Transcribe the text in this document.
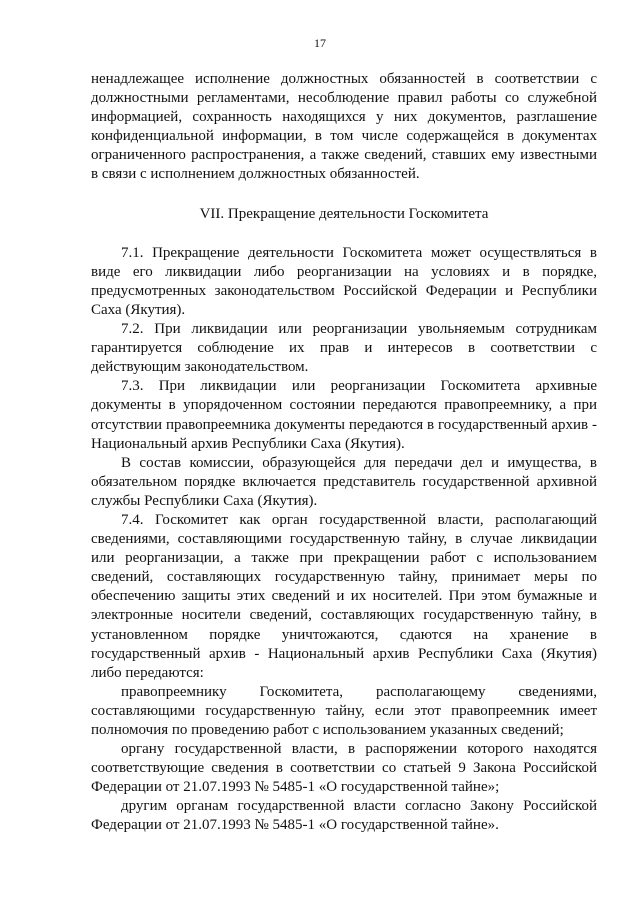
17

ненадлежащее исполнение должностных обязанностей в соответствии с должностными регламентами, несоблюдение правил работы со служебной информацией, сохранность находящихся у них документов, разглашение конфиденциальной информации, в том числе содержащейся в документах ограниченного распространения, а также сведений, ставших ему известными в связи с исполнением должностных обязанностей.

VII. Прекращение деятельности Госкомитета

7.1. Прекращение деятельности Госкомитета может осуществляться в виде его ликвидации либо реорганизации на условиях и в порядке, предусмотренных законодательством Российской Федерации и Республики Саха (Якутия).

7.2. При ликвидации или реорганизации увольняемым сотрудникам гарантируется соблюдение их прав и интересов в соответствии с действующим законодательством.

7.3. При ликвидации или реорганизации Госкомитета архивные документы в упорядоченном состоянии передаются правопреемнику, а при отсутствии правопреемника документы передаются в государственный архив - Национальный архив Республики Саха (Якутия).

В состав комиссии, образующейся для передачи дел и имущества, в обязательном порядке включается представитель государственной архивной службы Республики Саха (Якутия).

7.4. Госкомитет как орган государственной власти, располагающий сведениями, составляющими государственную тайну, в случае ликвидации или реорганизации, а также при прекращении работ с использованием сведений, составляющих государственную тайну, принимает меры по обеспечению защиты этих сведений и их носителей. При этом бумажные и электронные носители сведений, составляющих государственную тайну, в установленном порядке уничтожаются, сдаются на хранение в государственный архив - Национальный архив Республики Саха (Якутия) либо передаются:

правопреемнику Госкомитета, располагающему сведениями, составляющими государственную тайну, если этот правопреемник имеет полномочия по проведению работ с использованием указанных сведений;

органу государственной власти, в распоряжении которого находятся соответствующие сведения в соответствии со статьей 9 Закона Российской Федерации от 21.07.1993 № 5485-1 «О государственной тайне»;

другим органам государственной власти согласно Закону Российской Федерации от 21.07.1993 № 5485-1 «О государственной тайне».
